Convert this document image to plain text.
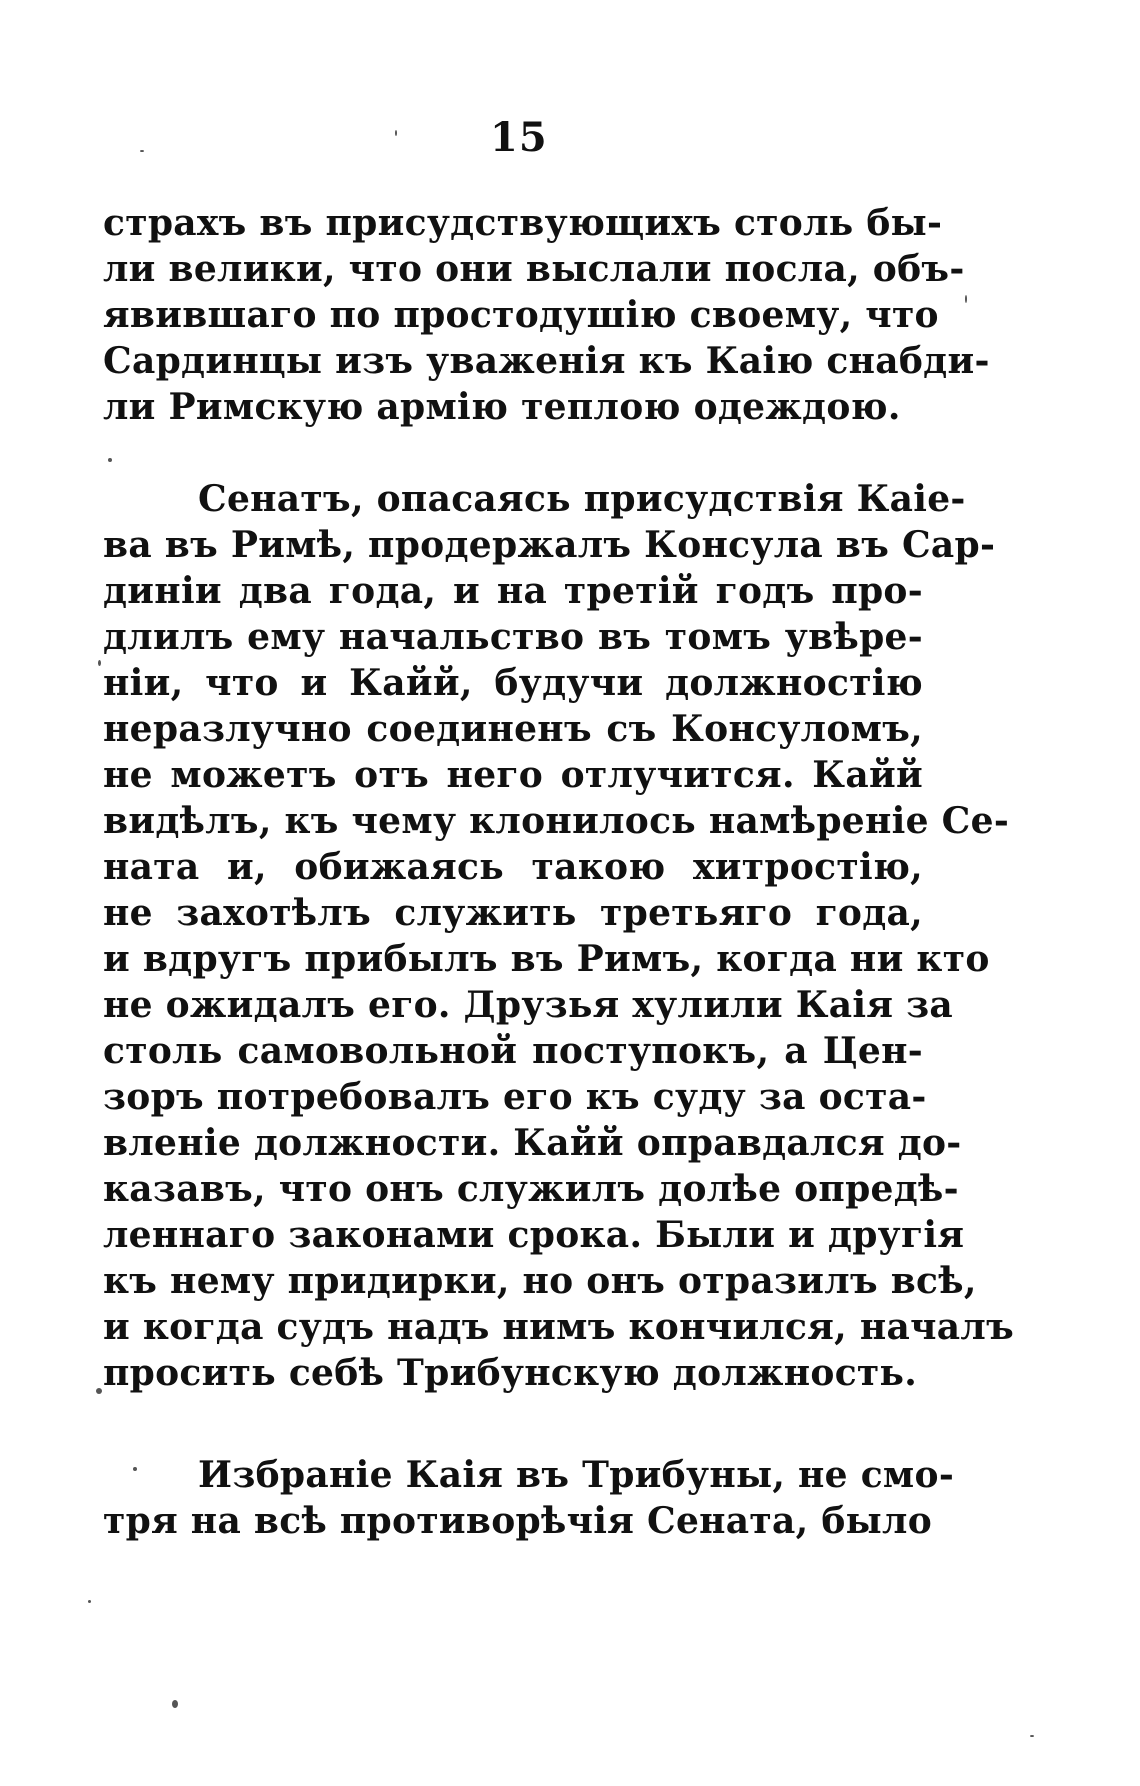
15
страхъ въ присудствующихъ столь бы-
ли велики, что они выслали посла, объ-
явившаго по простодушію своему, что
Сардинцы изъ уваженія къ Каію снабди-
ли Римскую армію теплою одеждою.
Сенатъ, опасаясь присудствія Каіе-
ва въ Римѣ, продержалъ Консула въ Сар-
диніи два года, и на третій годъ про-
длилъ ему начальство въ томъ увѣре-
ніи, что и Кайй, будучи должностію
неразлучно соединенъ съ Консуломъ,
не можетъ отъ него отлучится. Кайй
видѣлъ, къ чему клонилось намѣреніе Се-
ната и, обижаясь такою хитростію,
не захотѣлъ служить третьяго года,
и вдругъ прибылъ въ Римъ, когда ни кто
не ожидалъ его. Друзья хулили Каія за
столь самовольной поступокъ, а Цен-
зоръ потребовалъ его къ суду за оста-
вленіе должности. Кайй оправдался до-
казавъ, что онъ служилъ долѣе опредѣ-
леннаго законами срока. Были и другія
къ нему придирки, но онъ отразилъ всѣ,
и когда судъ надъ нимъ кончился, началъ
просить себѣ Трибунскую должность.
Избраніе Каія въ Трибуны, не смо-
тря на всѣ противорѣчія Сената, было
